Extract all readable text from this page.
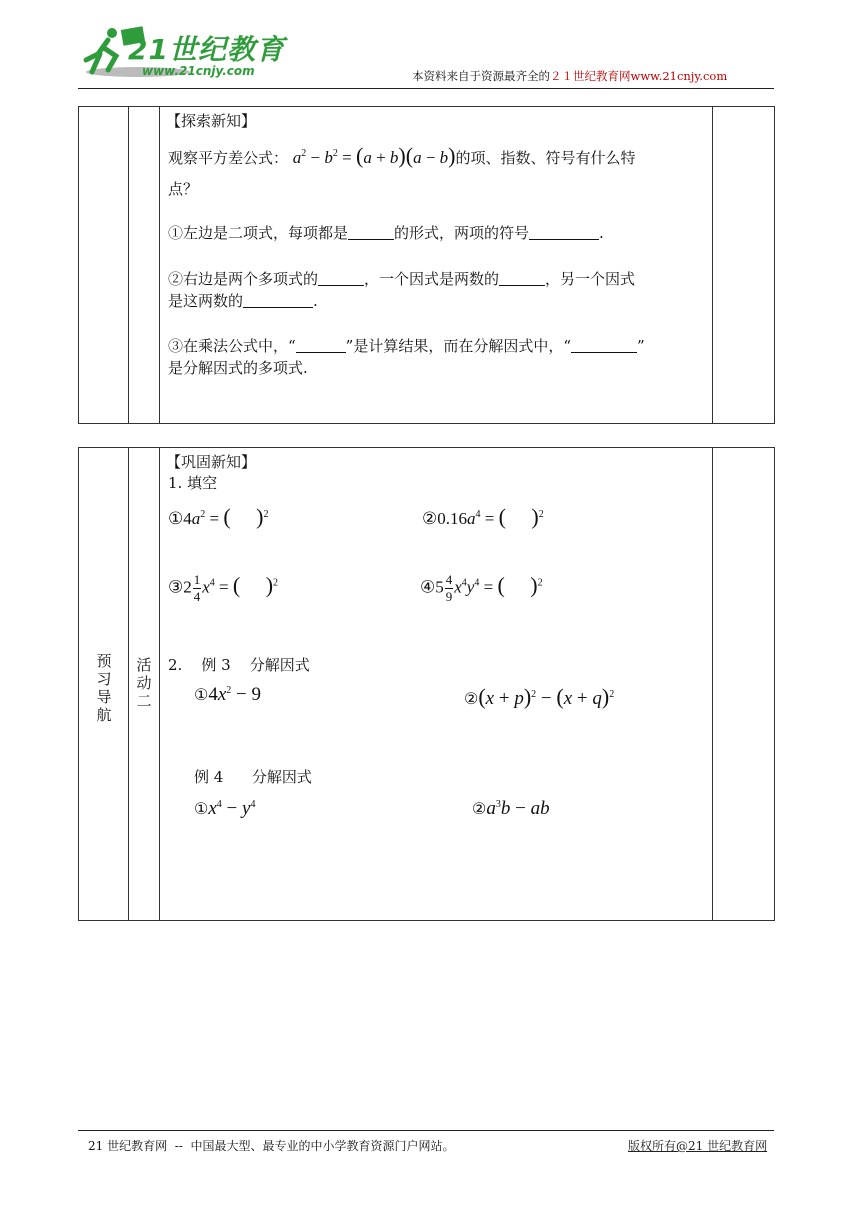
21世纪教育
www.21cnjy.com	本资料来自于资源最齐全的２１世纪教育网www.21cnjy.com
【探索新知】
观察平方差公式： $a^2 - b^2 = (a + b)(a - b)$的项、指数、符号有什么特
点？
①左边是二项式，每项都是	的形式，两项的符号	.
②右边是两个多项式的	，一个因式是两数的	，另一个因式
是这两数的	.
③在乘法公式中，“	”是计算结果，而在分解因式中，“	”
是分解因式的多项式.
预
习
导
航
活
动
二
【巩固新知】
1. 填空
$①4a^2$ = ( )$^2$	$②0.16a^4$ = ( )$^2$
③2 $\frac{1}{4} x^4$ = ( )$^2$	④5 $\frac{4}{9} x^4y^4$ = ( )$^2$
2.    例 3    分解因式
$①4x^2 - 9$	②(x + $p)^2 - (x + q)^2$
例 4      分解因式
$①x^4 - y^4$	$②a^3b$ − ab
21 世纪教育网  --  中国最大型、最专业的中小学教育资源门户网站。	版权所有@21 世纪教育网
